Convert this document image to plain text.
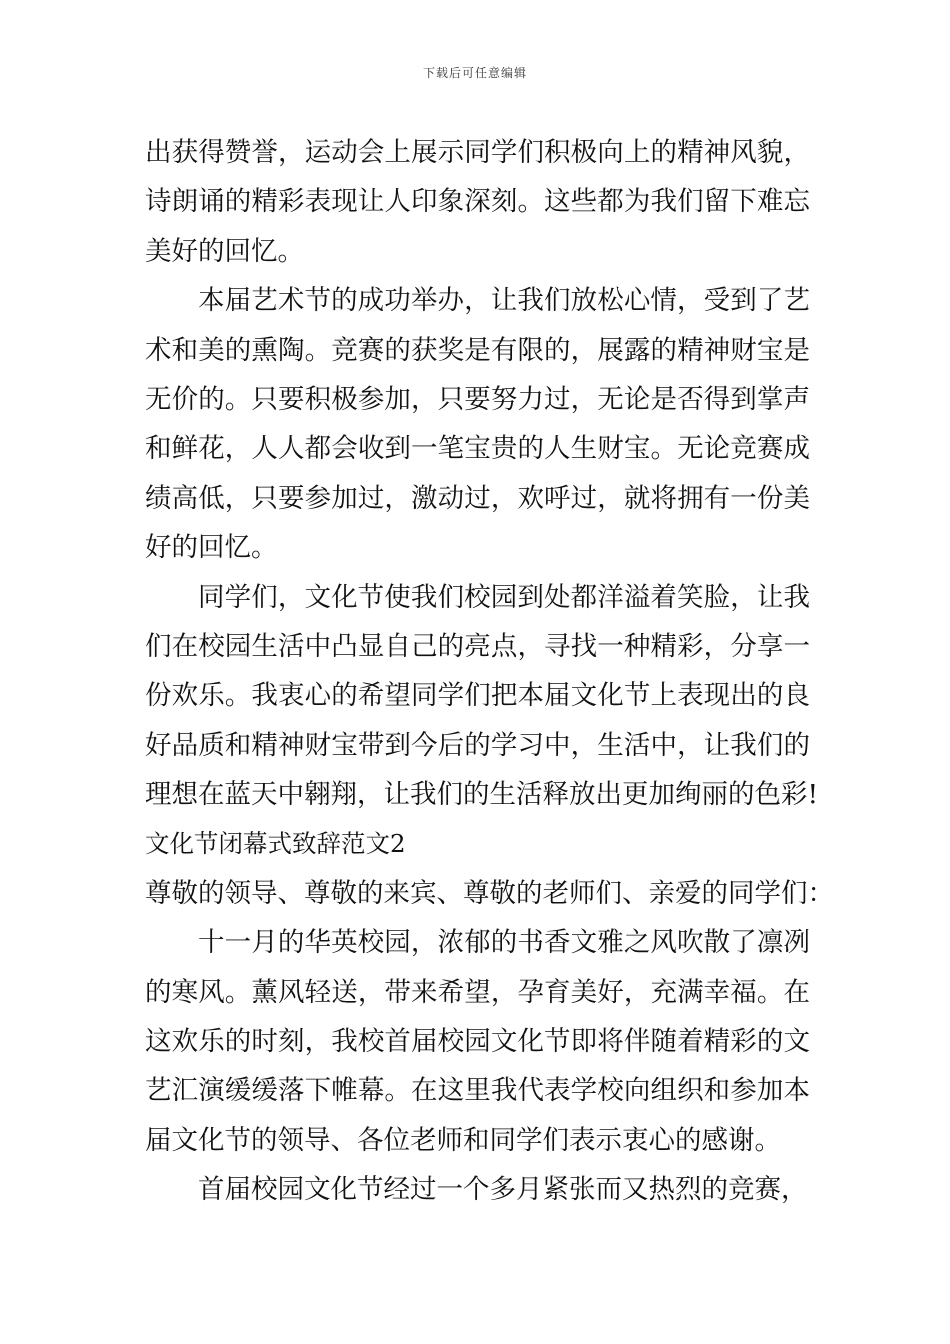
下载后可任意编辑
出获得赞誉，运动会上展示同学们积极向上的精神风貌，
诗朗诵的精彩表现让人印象深刻。这些都为我们留下难忘
美好的回忆。
本届艺术节的成功举办，让我们放松心情，受到了艺
术和美的熏陶。竞赛的获奖是有限的，展露的精神财宝是
无价的。只要积极参加，只要努力过，无论是否得到掌声
和鲜花，人人都会收到一笔宝贵的人生财宝。无论竞赛成
绩高低，只要参加过，激动过，欢呼过，就将拥有一份美
好的回忆。
同学们，文化节使我们校园到处都洋溢着笑脸，让我
们在校园生活中凸显自己的亮点，寻找一种精彩，分享一
份欢乐。我衷心的希望同学们把本届文化节上表现出的良
好品质和精神财宝带到今后的学习中，生活中，让我们的
理想在蓝天中翱翔，让我们的生活释放出更加绚丽的色彩!
文化节闭幕式致辞范文2
尊敬的领导、尊敬的来宾、尊敬的老师们、亲爱的同学们：
十一月的华英校园，浓郁的书香文雅之风吹散了凛冽
的寒风。薰风轻送，带来希望，孕育美好，充满幸福。在
这欢乐的时刻，我校首届校园文化节即将伴随着精彩的文
艺汇演缓缓落下帷幕。在这里我代表学校向组织和参加本
届文化节的领导、各位老师和同学们表示衷心的感谢。
首届校园文化节经过一个多月紧张而又热烈的竞赛，
